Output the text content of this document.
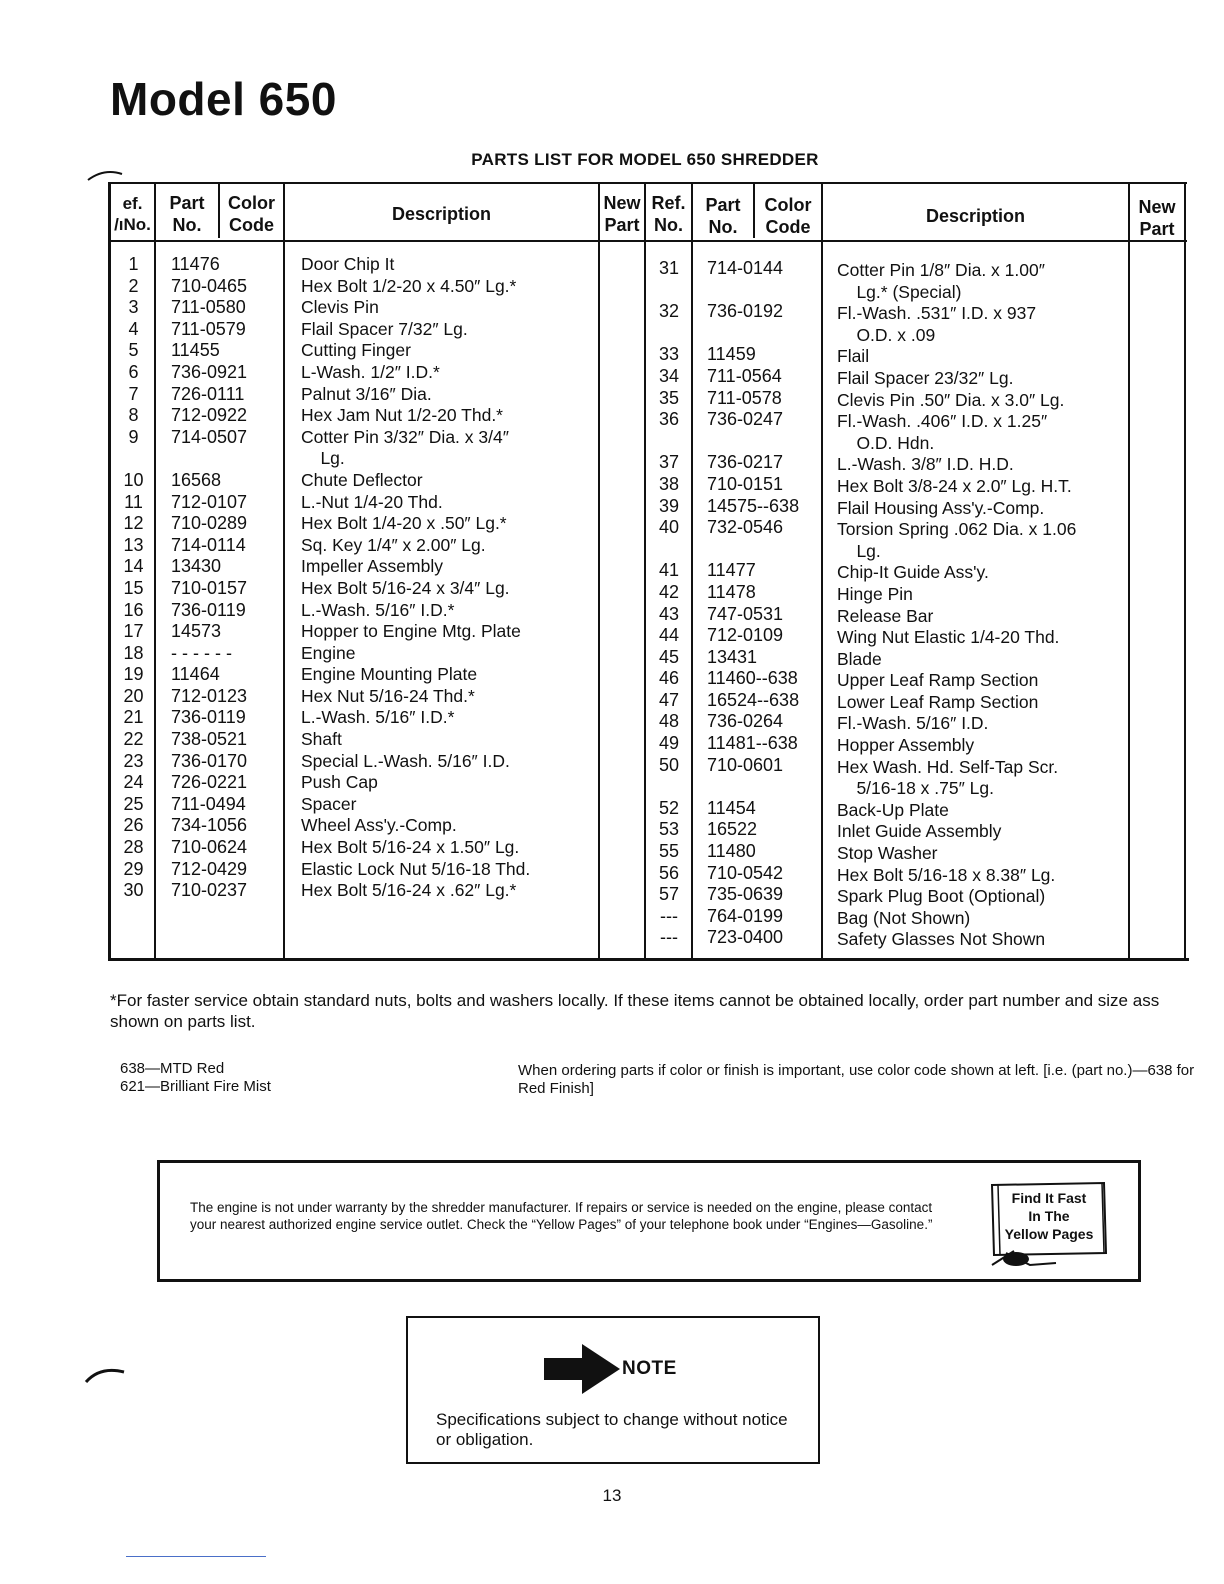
Model 650
PARTS LIST FOR MODEL 650 SHREDDER
ef.
/ıNo.
Part
No.
Color
Code
Description
New
Part
Ref.
No.
Part
No.
Color
Code
Description	New
Part
1
2
3
4
5
6
7
8
9

10
11
12
13
14
15
16
17
18
19
20
21
22
23
24
25
26
28
29
30
11476
710-0465
711-0580
711-0579
11455
736-0921
726-0111
712-0922
714-0507

16568
712-0107
710-0289
714-0114
13430
710-0157
736-0119
14573
- - - - - -
11464
712-0123
736-0119
738-0521
736-0170
726-0221
711-0494
734-1056
710-0624
712-0429
710-0237
Door Chip It
Hex Bolt 1/2-20 x 4.50″ Lg.*
Clevis Pin
Flail Spacer 7/32″ Lg.
Cutting Finger
L-Wash. 1/2″ I.D.*
Palnut 3/16″ Dia.
Hex Jam Nut 1/2-20 Thd.*
Cotter Pin 3/32″ Dia. x 3/4″
Lg.
Chute Deflector
L.-Nut 1/4-20 Thd.
Hex Bolt 1/4-20 x .50″ Lg.*
Sq. Key 1/4″ x 2.00″ Lg.
Impeller Assembly
Hex Bolt 5/16-24 x 3/4″ Lg.
L.-Wash. 5/16″ I.D.*
Hopper to Engine Mtg. Plate
Engine
Engine Mounting Plate
Hex Nut 5/16-24 Thd.*
L.-Wash. 5/16″ I.D.*
Shaft
Special L.-Wash. 5/16″ I.D.
Push Cap
Spacer
Wheel Ass'y.-Comp.
Hex Bolt 5/16-24 x 1.50″ Lg.
Elastic Lock Nut 5/16-18 Thd.
Hex Bolt 5/16-24 x .62″ Lg.*
31

32

33
34
35
36

37
38
39
40

41
42
43
44
45
46
47
48
49
50

52
53
55
56
57
---
---
714-0144

736-0192

11459
711-0564
711-0578
736-0247

736-0217
710-0151
14575--638
732-0546

11477
11478
747-0531
712-0109
13431
11460--638
16524--638
736-0264
11481--638
710-0601

11454
16522
11480
710-0542
735-0639
764-0199
723-0400
Cotter Pin 1/8″ Dia. x 1.00″
Lg.* (Special)
Fl.-Wash. .531″ I.D. x 937
O.D. x .09
Flail
Flail Spacer 23/32″ Lg.
Clevis Pin .50″ Dia. x 3.0″ Lg.
Fl.-Wash. .406″ I.D. x 1.25″
O.D. Hdn.
L.-Wash. 3/8″ I.D. H.D.
Hex Bolt 3/8-24 x 2.0″ Lg. H.T.
Flail Housing Ass'y.-Comp.
Torsion Spring .062 Dia. x 1.06
Lg.
Chip-It Guide Ass'y.
Hinge Pin
Release Bar
Wing Nut Elastic 1/4-20 Thd.
Blade
Upper Leaf Ramp Section
Lower Leaf Ramp Section
Fl.-Wash. 5/16″ I.D.
Hopper Assembly
Hex Wash. Hd. Self-Tap Scr.
5/16-18 x .75″ Lg.
Back-Up Plate
Inlet Guide Assembly
Stop Washer
Hex Bolt 5/16-18 x 8.38″ Lg.
Spark Plug Boot (Optional)
Bag (Not Shown)
Safety Glasses Not Shown
*For faster service obtain standard nuts, bolts and washers locally. If these items cannot be obtained locally, order part number and size ass shown on parts list.
638—MTD Red
621—Brilliant Fire Mist
When ordering parts if color or finish is important, use color code shown at left. [i.e. (part no.)—638 for Red Finish]
The engine is not under warranty by the shredder manufacturer. If repairs or service is needed on the engine, please contact your nearest authorized engine service outlet. Check the “Yellow Pages” of your telephone book under “Engines—Gasoline.”
Find It Fast
In The
Yellow Pages
NOTE
Specifications subject to change without notice or obligation.
13
